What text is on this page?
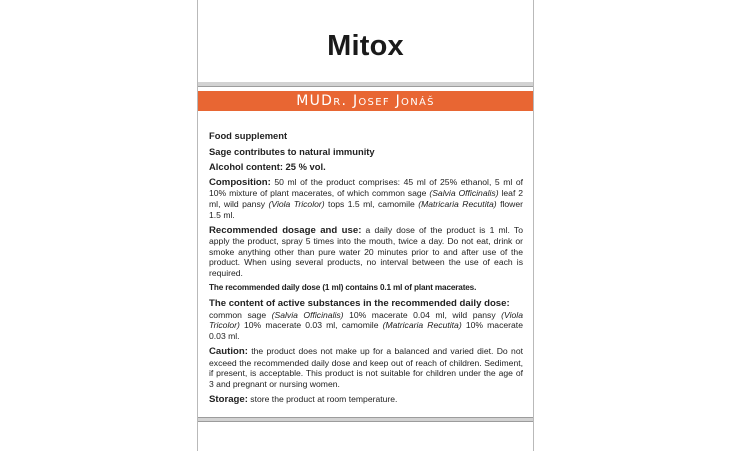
Mitox
MUDr. Josef Jonáš

Food supplement

Sage contributes to natural immunity

Alcohol content: 25 % vol.

Composition: 50 ml of the product comprises: 45 ml of 25% ethanol, 5 ml of 10% mixture of plant macerates, of which common sage (Salvia Officinalis) leaf 2 ml, wild pansy (Viola Tricolor) tops 1.5 ml, camomile (Matricaria Recutita) flower 1.5 ml.

Recommended dosage and use: a daily dose of the product is 1 ml. To apply the product, spray 5 times into the mouth, twice a day. Do not eat, drink or smoke anything other than pure water 20 minutes prior to and after use of the product. When using several products, no interval between the use of each is required.

The recommended daily dose (1 ml) contains 0.1 ml of plant macerates.

The content of active substances in the recommended daily dose:
common sage (Salvia Officinalis) 10% macerate 0.04 ml, wild pansy (Viola Tricolor) 10% macerate 0.03 ml, camomile (Matricaria Recutita) 10% macerate 0.03 ml.

Caution: the product does not make up for a balanced and varied diet. Do not exceed the recommended daily dose and keep out of reach of children. Sediment, if present, is acceptable. This product is not suitable for children under the age of 3 and pregnant or nursing women.

Storage: store the product at room temperature.
